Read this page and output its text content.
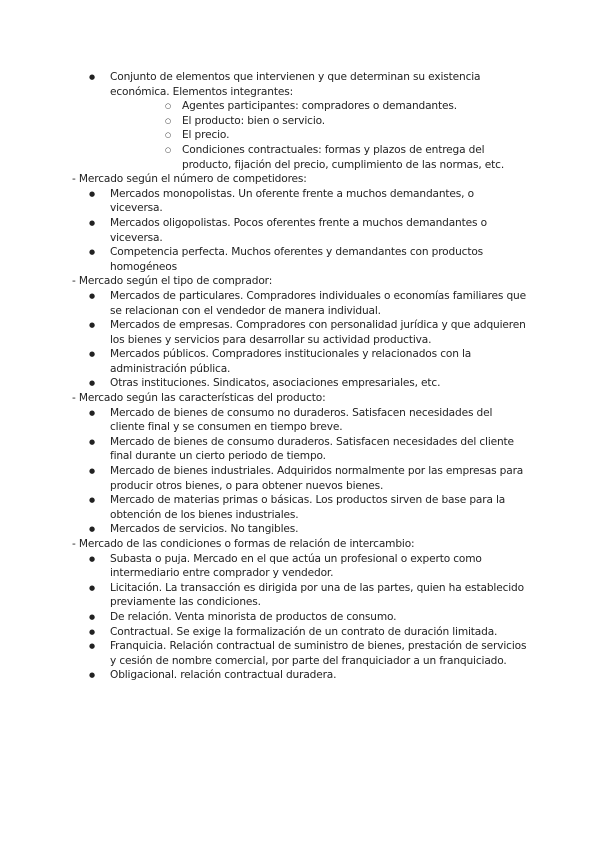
● Conjunto de elementos que intervienen y que determinan su existencia económica. Elementos integrantes:
○ Agentes participantes: compradores o demandantes.
○ El producto: bien o servicio.
○ El precio.
○ Condiciones contractuales: formas y plazos de entrega del producto, fijación del precio, cumplimiento de las normas, etc.
- Mercado según el número de competidores:
● Mercados monopolistas. Un oferente frente a muchos demandantes, o viceversa.
● Mercados oligopolistas. Pocos oferentes frente a muchos demandantes o viceversa.
● Competencia perfecta. Muchos oferentes y demandantes con productos homogéneos
- Mercado según el tipo de comprador:
● Mercados de particulares. Compradores individuales o economías familiares que se relacionan con el vendedor de manera individual.
● Mercados de empresas. Compradores con personalidad jurídica y que adquieren los bienes y servicios para desarrollar su actividad productiva.
● Mercados públicos. Compradores institucionales y relacionados con la administración pública.
● Otras instituciones. Sindicatos, asociaciones empresariales, etc.
- Mercado según las características del producto:
● Mercado de bienes de consumo no duraderos. Satisfacen necesidades del cliente final y se consumen en tiempo breve.
● Mercado de bienes de consumo duraderos. Satisfacen necesidades del cliente final durante un cierto periodo de tiempo.
● Mercado de bienes industriales. Adquiridos normalmente por las empresas para producir otros bienes, o para obtener nuevos bienes.
● Mercado de materias primas o básicas. Los productos sirven de base para la obtención de los bienes industriales.
● Mercados de servicios. No tangibles.
- Mercado de las condiciones o formas de relación de intercambio:
● Subasta o puja. Mercado en el que actúa un profesional o experto como intermediario entre comprador y vendedor.
● Licitación. La transacción es dirigida por una de las partes, quien ha establecido previamente las condiciones.
● De relación. Venta minorista de productos de consumo.
● Contractual. Se exige la formalización de un contrato de duración limitada.
● Franquicia. Relación contractual de suministro de bienes, prestación de servicios y cesión de nombre comercial, por parte del franquiciador a un franquiciado.
● Obligacional. relación contractual duradera.
